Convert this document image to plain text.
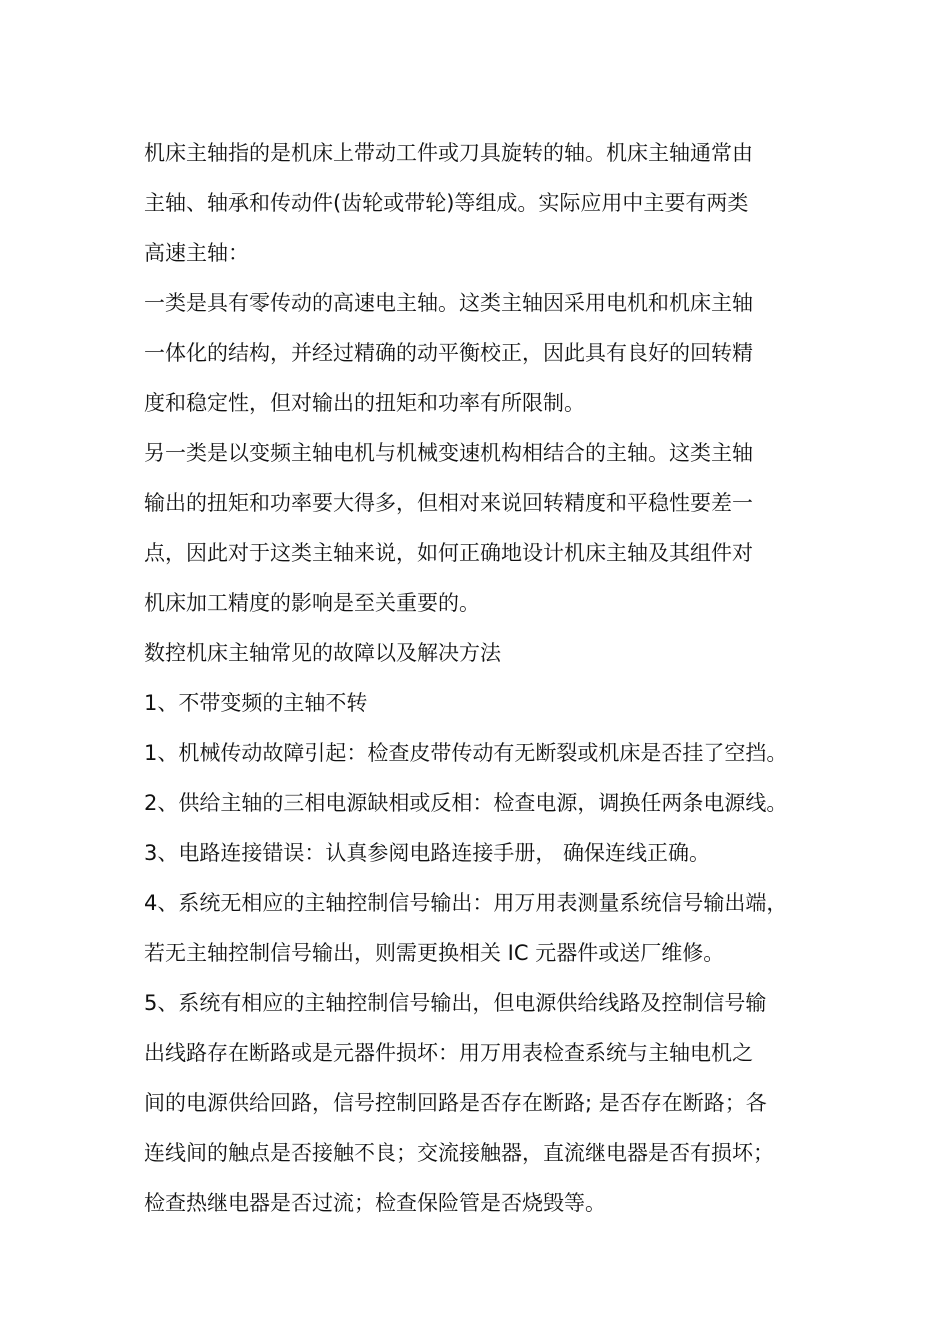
机床主轴指的是机床上带动工件或刀具旋转的轴。机床主轴通常由
主轴、轴承和传动件(齿轮或带轮)等组成。实际应用中主要有两类
高速主轴：
一类是具有零传动的高速电主轴。这类主轴因采用电机和机床主轴
一体化的结构，并经过精确的动平衡校正，因此具有良好的回转精
度和稳定性，但对输出的扭矩和功率有所限制。
另一类是以变频主轴电机与机械变速机构相结合的主轴。这类主轴
输出的扭矩和功率要大得多，但相对来说回转精度和平稳性要差一
点，因此对于这类主轴来说，如何正确地设计机床主轴及其组件对
机床加工精度的影响是至关重要的。
数控机床主轴常见的故障以及解决方法
1、不带变频的主轴不转
1、机械传动故障引起：检查皮带传动有无断裂或机床是否挂了空挡。
2、供给主轴的三相电源缺相或反相：检查电源，调换任两条电源线。
3、电路连接错误：认真参阅电路连接手册， 确保连线正确。
4、系统无相应的主轴控制信号输出：用万用表测量系统信号输出端，
若无主轴控制信号输出，则需更换相关 IC 元器件或送厂维修。
5、系统有相应的主轴控制信号输出，但电源供给线路及控制信号输
出线路存在断路或是元器件损坏：用万用表检查系统与主轴电机之
间的电源供给回路，信号控制回路是否存在断路; 是否存在断路；各
连线间的触点是否接触不良；交流接触器，直流继电器是否有损坏；
检查热继电器是否过流；检查保险管是否烧毁等。
